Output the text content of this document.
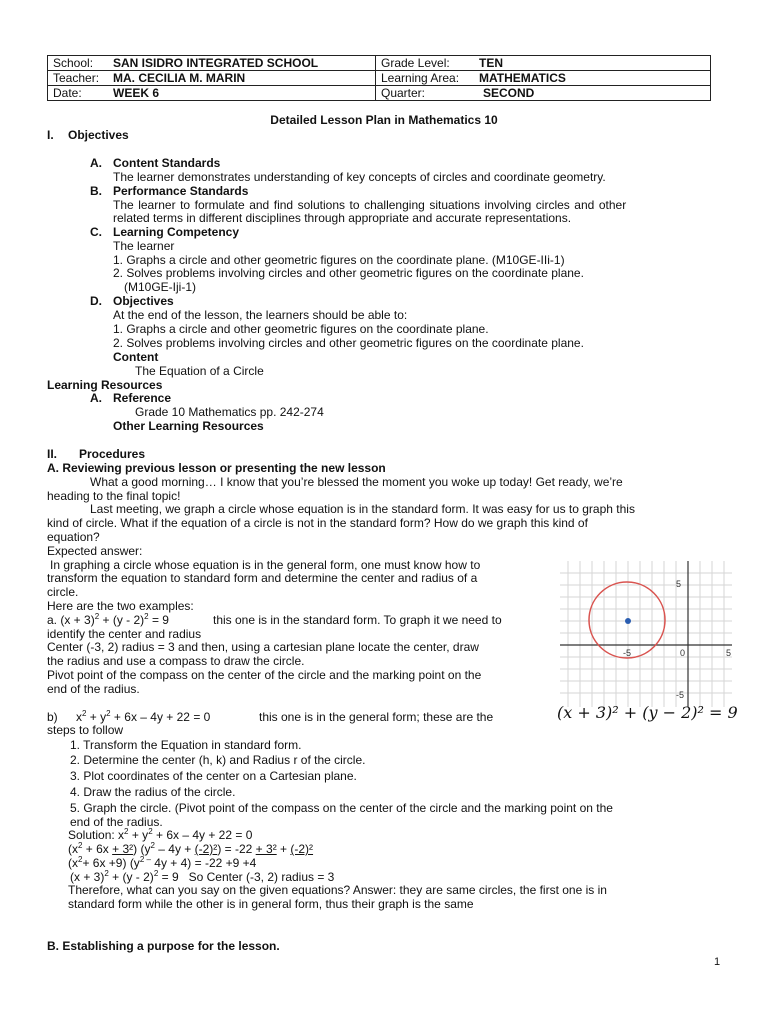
School: SAN ISIDRO INTEGRATED SCHOOL	Grade Level: TEN
Teacher: MA. CECILIA M. MARIN	Learning Area: MATHEMATICS
Date: WEEK 6	Quarter: SECOND
Detailed Lesson Plan in Mathematics 10
I. Objectives
A. Content Standards
The learner demonstrates understanding of key concepts of circles and coordinate geometry.
B. Performance Standards
The learner to formulate and find solutions to challenging situations involving circles and other
related terms in different disciplines through appropriate and accurate representations.
C. Learning Competency
The learner
1. Graphs a circle and other geometric figures on the coordinate plane. (M10GE-IIi-1)
2. Solves problems involving circles and other geometric figures on the coordinate plane.
(M10GE-Iji-1)
D. Objectives
At the end of the lesson, the learners should be able to:
1. Graphs a circle and other geometric figures on the coordinate plane.
2. Solves problems involving circles and other geometric figures on the coordinate plane.
Content
The Equation of a Circle
Learning Resources
A. Reference
Grade 10 Mathematics pp. 242-274
Other Learning Resources
II. Procedures
A. Reviewing previous lesson or presenting the new lesson
What a good morning… I know that you’re blessed the moment you woke up today! Get ready, we’re
heading to the final topic!
Last meeting, we graph a circle whose equation is in the standard form. It was easy for us to graph this
kind of circle. What if the equation of a circle is not in the standard form? How do we graph this kind of
equation?
Expected answer:
In graphing a circle whose equation is in the general form, one must know how to
transform the equation to standard form and determine the center and radius of a
circle.
Here are the two examples:
a. $(x + 3)^2 + (y - 2)^2 = 9$	this one is in the standard form. To graph it we need to
identify the center and radius
Center (-3, 2) radius = 3 and then, using a cartesian plane locate the center, draw
the radius and use a compass to draw the circle.
Pivot point of the compass on the center of the circle and the marking point on the
end of the radius.
5
-5	0	5
-5
(x + 3)² + (y − 2)² = 9
b) $x^2 + y^2 + 6x - 4y + 22 = 0$	this one is in the general form; these are the
steps to follow
1. Transform the Equation in standard form.
2. Determine the center (h, k) and Radius r of the circle.
3. Plot coordinates of the center on a Cartesian plane.
4. Draw the radius of the circle.
5. Graph the circle. (Pivot point of the compass on the center of the circle and the marking point on the
end of the radius.
Solution: $x^2 + y^2 + 6x - 4y + 22 = 0$
$(x^2 + 6x + 3^2)$ $(y^2 - 4y + (-2)^2) = -22 + 3^2 + (-2)^2$
$(x^2+ 6x +9)$ ($y^{2 -}$ 4y + 4) = -22 +9 +4
$(x + 3)^2 + (y - 2)^2 = 9$   So Center (-3, 2) radius = 3
Therefore, what can you say on the given equations? Answer: they are same circles, the first one is in
standard form while the other is in general form, thus their graph is the same
B. Establishing a purpose for the lesson.
1
